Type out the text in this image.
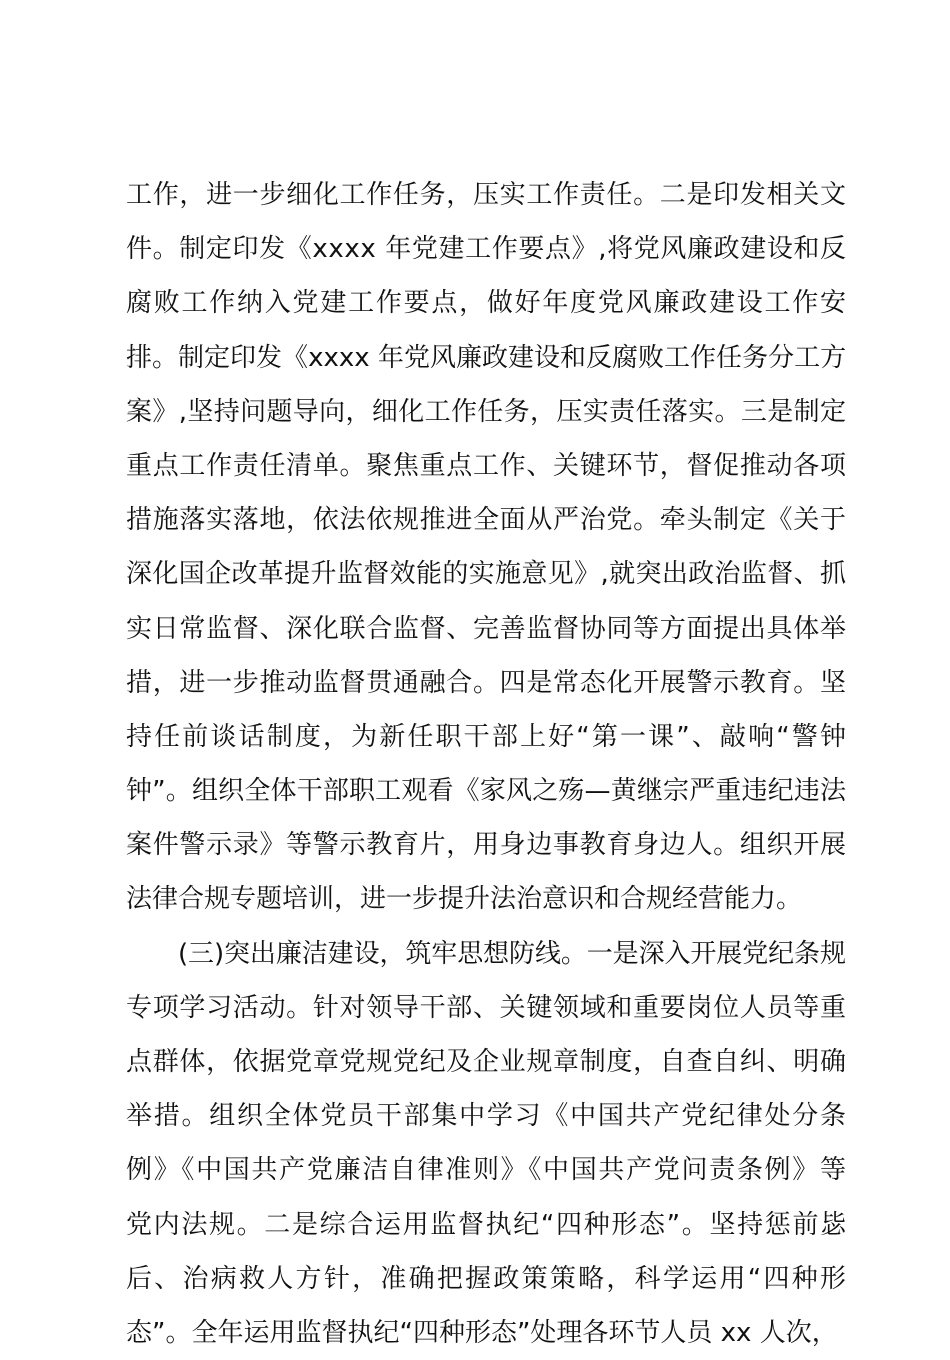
工作，进一步细化工作任务，压实工作责任。二是印发相关文
件。制定印发《xxxx 年党建工作要点》,将党风廉政建设和反
腐败工作纳入党建工作要点，做好年度党风廉政建设工作安
排。制定印发《xxxx 年党风廉政建设和反腐败工作任务分工方
案》,坚持问题导向，细化工作任务，压实责任落实。三是制定
重点工作责任清单。聚焦重点工作、关键环节，督促推动各项
措施落实落地，依法依规推进全面从严治党。牵头制定《关于
深化国企改革提升监督效能的实施意见》,就突出政治监督、抓
实日常监督、深化联合监督、完善监督协同等方面提出具体举
措，进一步推动监督贯通融合。四是常态化开展警示教育。坚
持任前谈话制度，为新任职干部上好“第一课”、敲响“警钟
钟”。组织全体干部职工观看《家风之殇—黄继宗严重违纪违法
案件警示录》等警示教育片，用身边事教育身边人。组织开展
法律合规专题培训，进一步提升法治意识和合规经营能力。
(三)突出廉洁建设，筑牢思想防线。一是深入开展党纪条规
专项学习活动。针对领导干部、关键领域和重要岗位人员等重
点群体，依据党章党规党纪及企业规章制度，自查自纠、明确
举措。组织全体党员干部集中学习《中国共产党纪律处分条
例》《中国共产党廉洁自律准则》《中国共产党问责条例》等
党内法规。二是综合运用监督执纪“四种形态”。坚持惩前毖
后、治病救人方针，准确把握政策策略，科学运用“四种形
态”。全年运用监督执纪“四种形态”处理各环节人员 xx 人次，
